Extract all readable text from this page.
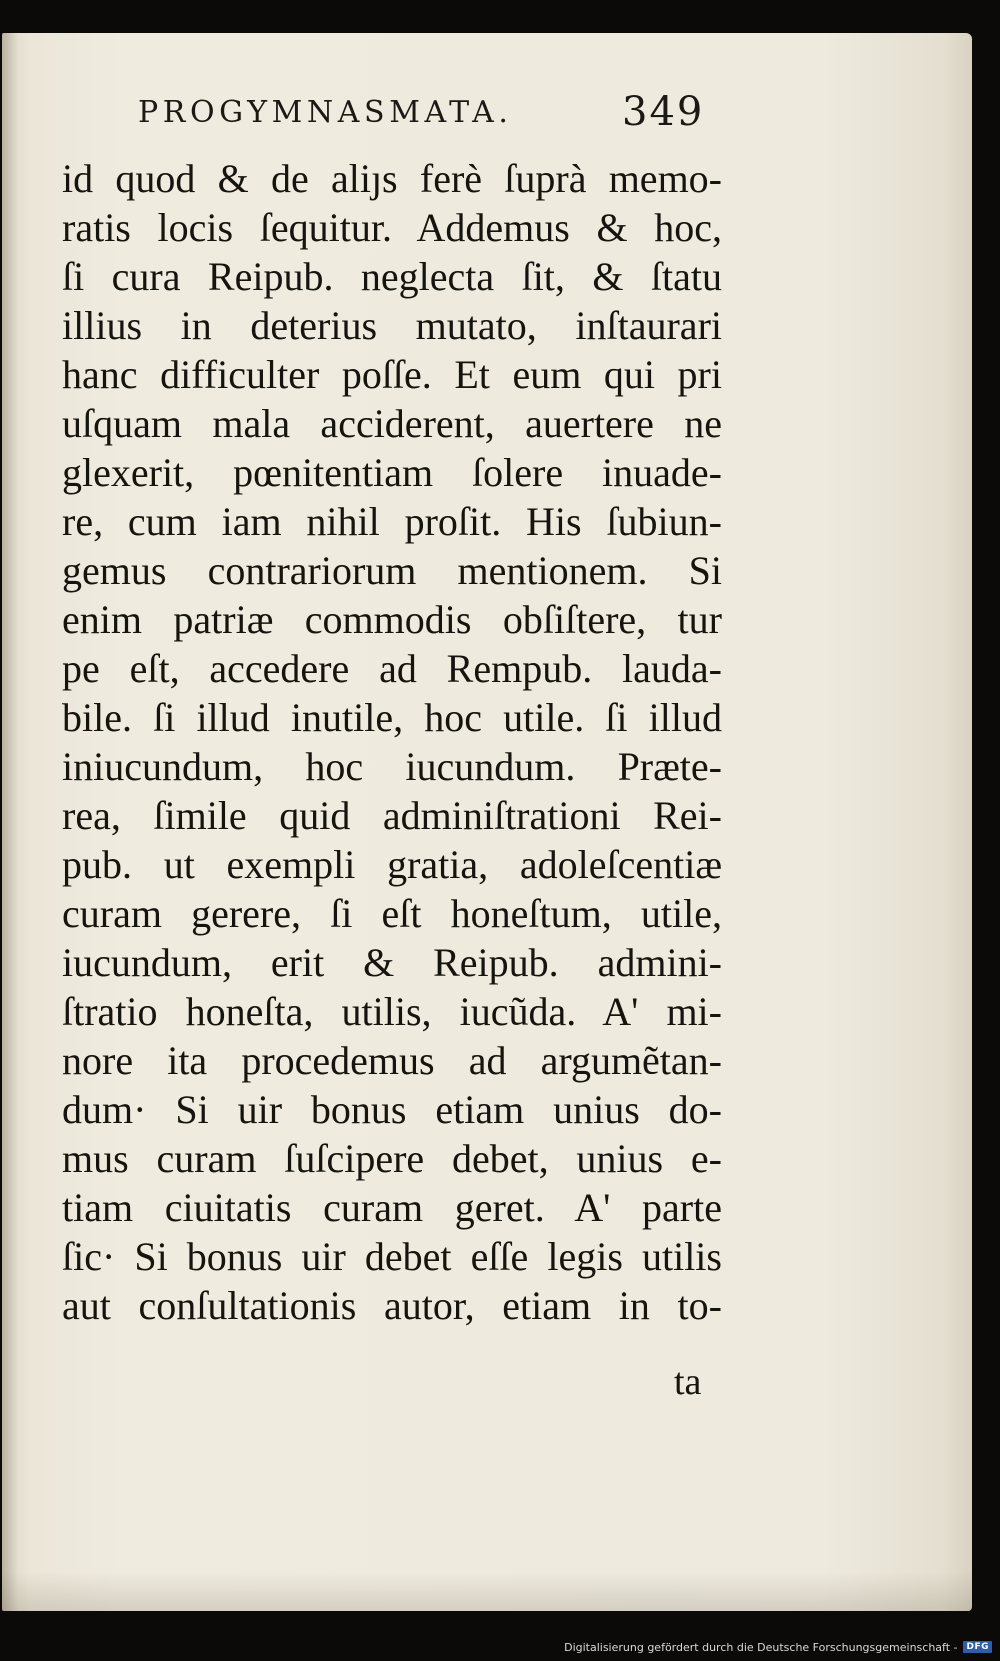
PROGYMNASMATA.	349
id quod & de aliȷs ferè ſuprà memo-
ratis locis ſequitur. Addemus & hoc,
ſi cura Reipub. neglecta ſit, & ſtatu
illius in deterius mutato, inſtaurari
hanc difficulter poſſe. Et eum qui pri
uſquam mala acciderent, auertere ne
glexerit, pœnitentiam ſolere inuade-
re, cum iam nihil proſit. His ſubiun-
gemus contrariorum mentionem. Si
enim patriæ commodis obſiſtere, tur
pe eſt, accedere ad Rempub. lauda-
bile. ſi illud inutile, hoc utile. ſi illud
iniucundum, hoc iucundum. Præte-
rea, ſimile quid adminiſtrationi Rei-
pub. ut exempli gratia, adoleſcentiæ
curam gerere, ſi eſt honeſtum, utile,
iucundum, erit & Reipub. admini-
ſtratio honeſta, utilis, iucũda. A' mi-
nore ita procedemus ad argumẽtan-
dum· Si uir bonus etiam unius do-
mus curam ſuſcipere debet, unius e-
tiam ciuitatis curam geret. A' parte
ſic· Si bonus uir debet eſſe legis utilis
aut conſultationis autor, etiam in to-
ta
Digitalisierung gefördert durch die Deutsche Forschungsgemeinschaft -	DFG
